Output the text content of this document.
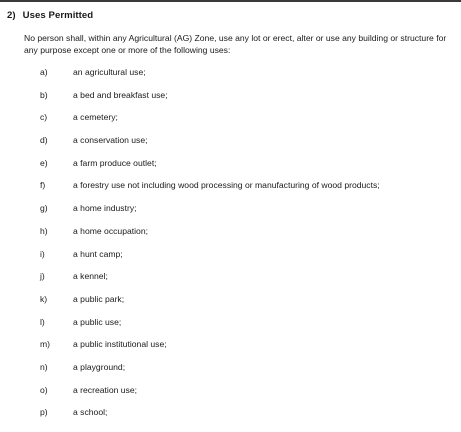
2) Uses Permitted
No person shall, within any Agricultural (AG) Zone, use any lot or erect, alter or use any building or structure for any purpose except one or more of the following uses:
a)	an agricultural use;
b)	a bed and breakfast use;
c)	a cemetery;
d)	a conservation use;
e)	a farm produce outlet;
f)	a forestry use not including wood processing or manufacturing of wood products;
g)	a home industry;
h)	a home occupation;
i)	a hunt camp;
j)	a kennel;
k)	a public park;
l)	a public use;
m)	a public institutional use;
n)	a playground;
o)	a recreation use;
p)	a school;
